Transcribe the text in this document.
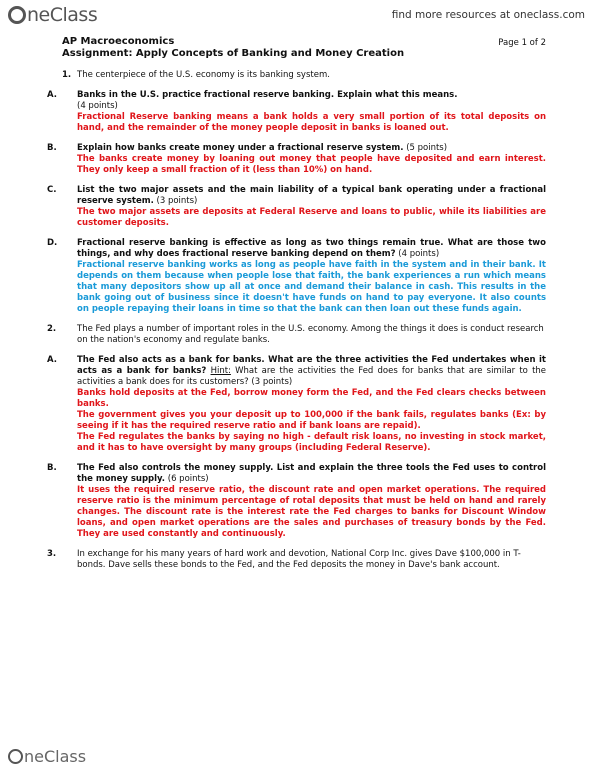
neClass	find more resources at oneclass.com
AP Macroeconomics	Page 1 of 2
Assignment: Apply Concepts of Banking and Money Creation
1. The centerpiece of the U.S. economy is its banking system.
A. Banks in the U.S. practice fractional reserve banking. Explain what this means.
(4 points)
Fractional Reserve banking means a bank holds a very small portion of its total deposits on hand, and the remainder of the money people deposit in banks is loaned out.
B. Explain how banks create money under a fractional reserve system. (5 points)
The banks create money by loaning out money that people have deposited and earn interest. They only keep a small fraction of it (less than 10%) on hand.
C. List the two major assets and the main liability of a typical bank operating under a fractional reserve system. (3 points)
The two major assets are deposits at Federal Reserve and loans to public, while its liabilities are customer deposits.
D. Fractional reserve banking is effective as long as two things remain true. What are those two things, and why does fractional reserve banking depend on them? (4 points)
Fractional reserve banking works as long as people have faith in the system and in their bank. It depends on them because when people lose that faith, the bank experiences a run which means that many depositors show up all at once and demand their balance in cash. This results in the bank going out of business since it doesn't have funds on hand to pay everyone. It also counts on people repaying their loans in time so that the bank can then loan out these funds again.
2. The Fed plays a number of important roles in the U.S. economy. Among the things it does is conduct research on the nation's economy and regulate banks.
A. The Fed also acts as a bank for banks. What are the three activities the Fed undertakes when it acts as a bank for banks? Hint: What are the activities the Fed does for banks that are similar to the activities a bank does for its customers? (3 points)
Banks hold deposits at the Fed, borrow money form the Fed, and the Fed clears checks between banks.
The government gives you your deposit up to 100,000 if the bank fails, regulates banks (Ex: by seeing if it has the required reserve ratio and if bank loans are repaid).
The Fed regulates the banks by saying no high - default risk loans, no investing in stock market, and it has to have oversight by many groups (including Federal Reserve).
B. The Fed also controls the money supply. List and explain the three tools the Fed uses to control the money supply. (6 points)
It uses the required reserve ratio, the discount rate and open market operations. The required reserve ratio is the minimum percentage of rotal deposits that must be held on hand and rarely changes. The discount rate is the interest rate the Fed charges to banks for Discount Window loans, and open market operations are the sales and purchases of treasury bonds by the Fed. They are used constantly and continuously.
3. In exchange for his many years of hard work and devotion, National Corp Inc. gives Dave $100,000 in T-bonds. Dave sells these bonds to the Fed, and the Fed deposits the money in Dave's bank account.
neClass
